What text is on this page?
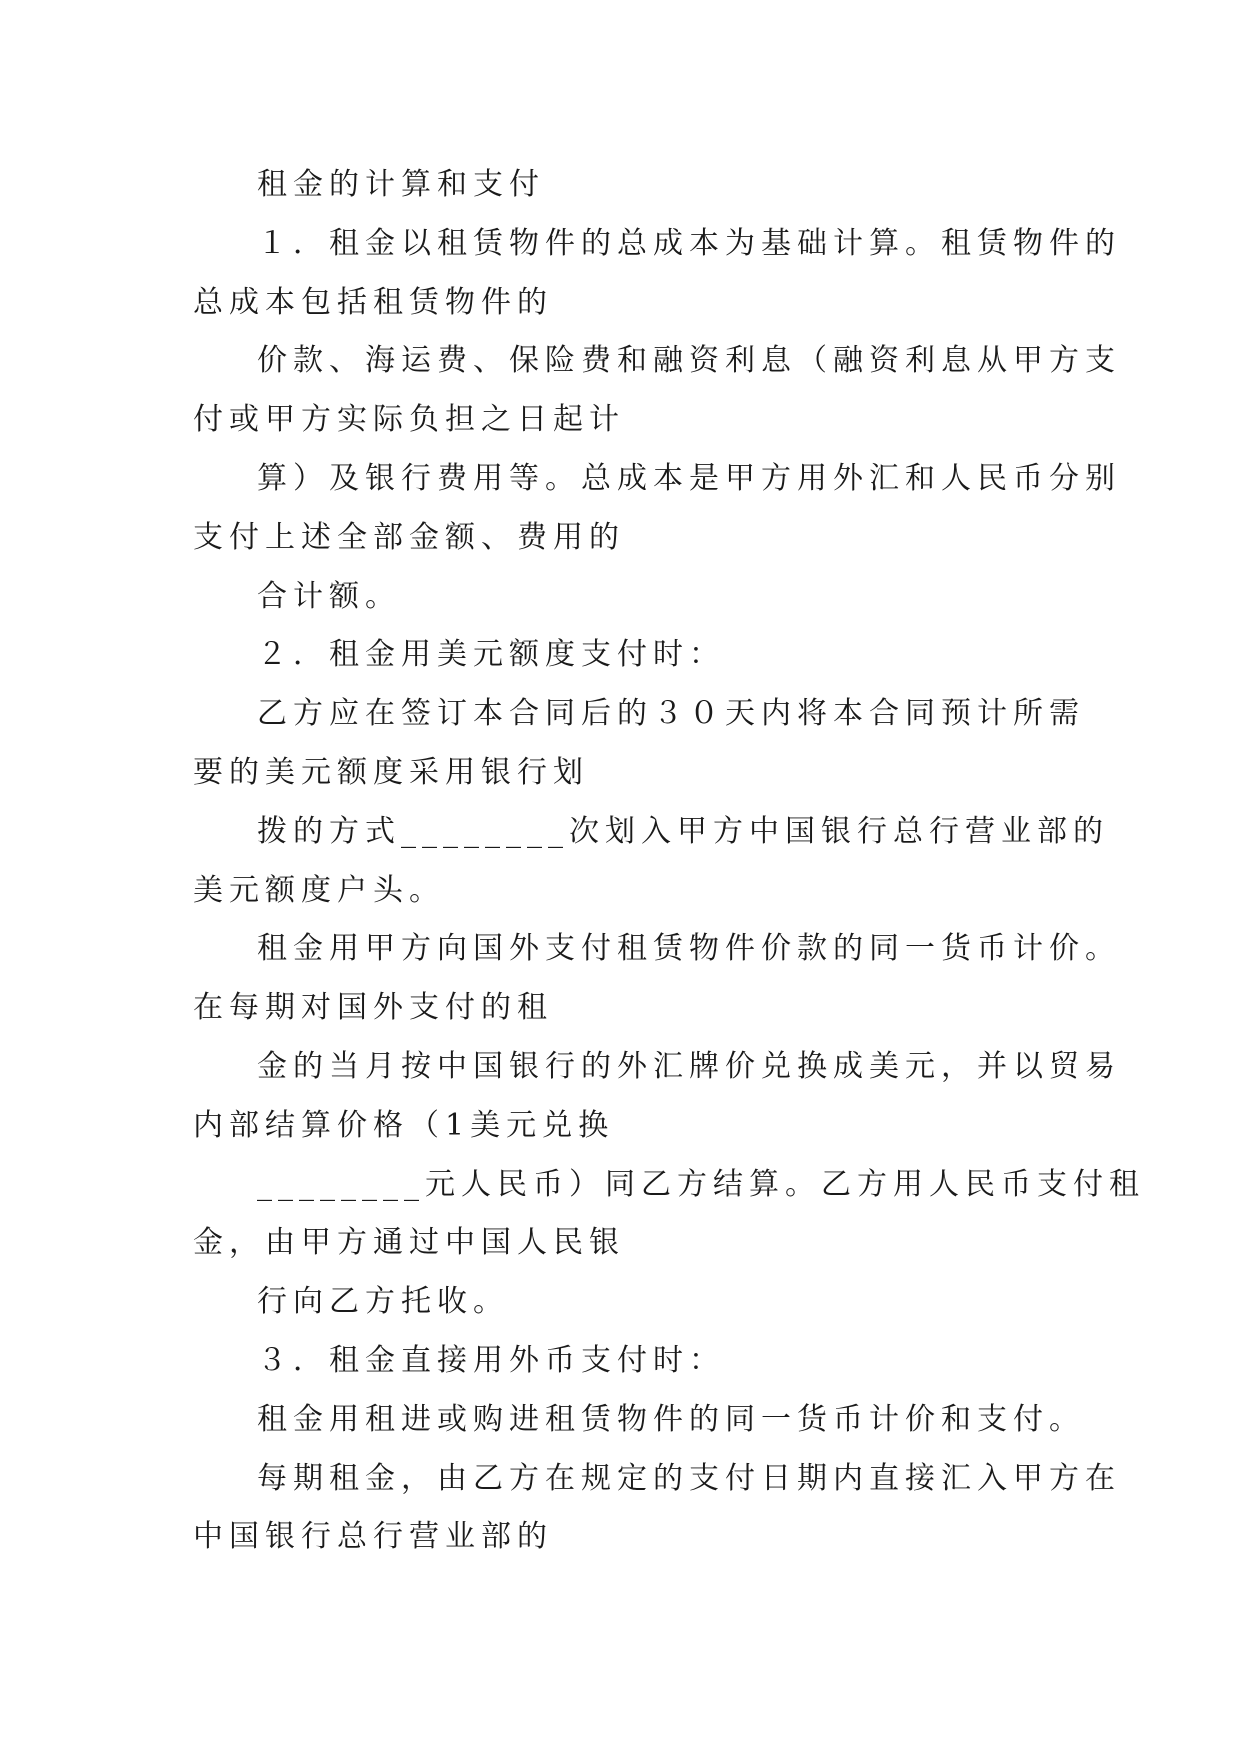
租金的计算和支付

１．租金以租赁物件的总成本为基础计算。租赁物件的
总成本包括租赁物件的

价款、海运费、保险费和融资利息（融资利息从甲方支
付或甲方实际负担之日起计

算）及银行费用等。总成本是甲方用外汇和人民币分别
支付上述全部金额、费用的

合计额。

２．租金用美元额度支付时：

乙方应在签订本合同后的３０天内将本合同预计所需
要的美元额度采用银行划

拨的方式________次划入甲方中国银行总行营业部的
美元额度户头。

租金用甲方向国外支付租赁物件价款的同一货币计价。
在每期对国外支付的租

金的当月按中国银行的外汇牌价兑换成美元，并以贸易
内部结算价格（1美元兑换

________元人民币）同乙方结算。乙方用人民币支付租
金，由甲方通过中国人民银

行向乙方托收。

３．租金直接用外币支付时：

租金用租进或购进租赁物件的同一货币计价和支付。

每期租金，由乙方在规定的支付日期内直接汇入甲方在
中国银行总行营业部的
